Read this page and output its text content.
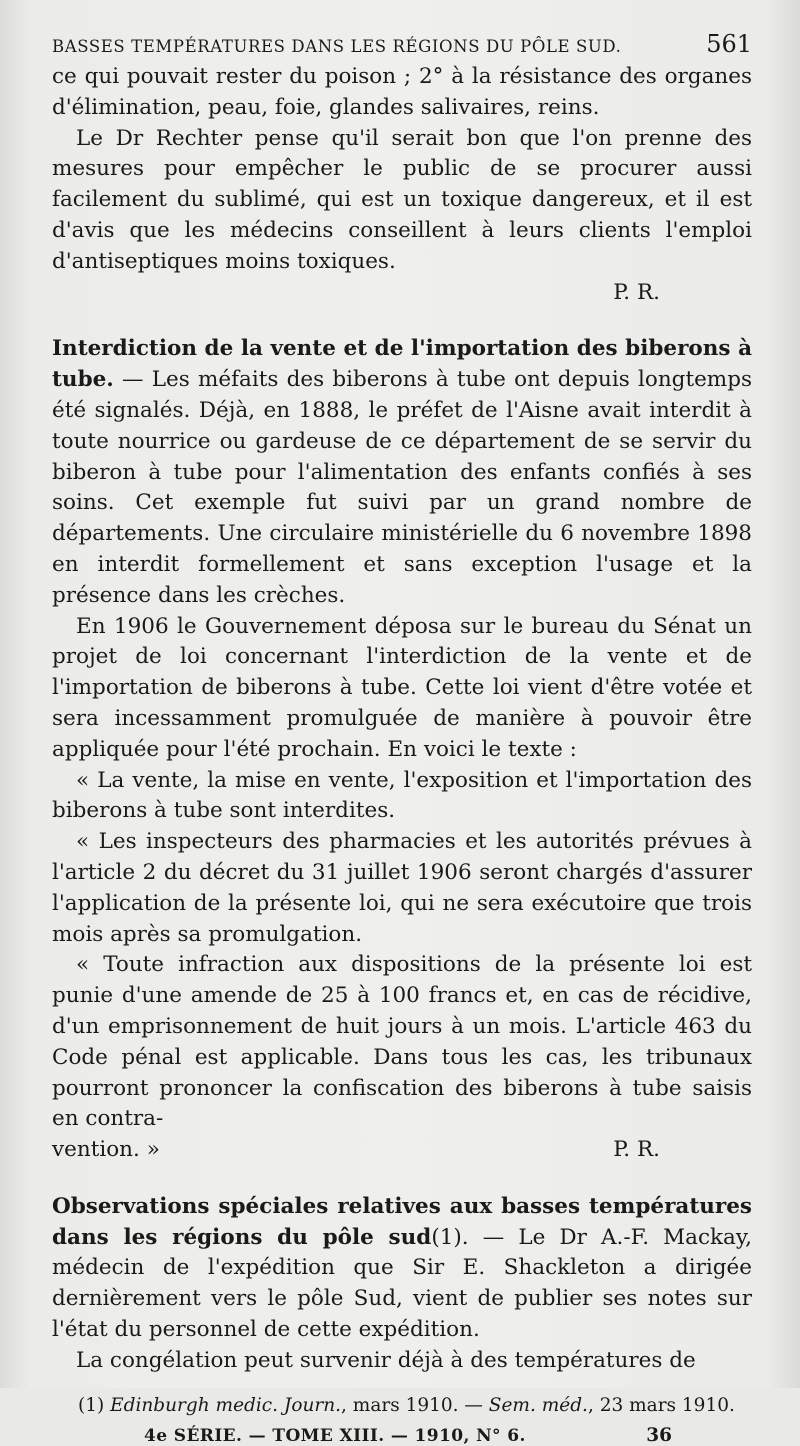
BASSES TEMPÉRATURES DANS LES RÉGIONS DU PÔLE SUD.	561

ce qui pouvait rester du poison ; 2° à la résistance des organes d'élimination, peau, foie, glandes salivaires, reins.

Le Dr Rechter pense qu'il serait bon que l'on prenne des mesures pour empêcher le public de se procurer aussi facilement du sublimé, qui est un toxique dangereux, et il est d'avis que les médecins conseillent à leurs clients l'emploi d'antiseptiques moins toxiques.

P. R.

Interdiction de la vente et de l'importation des biberons à tube. — Les méfaits des biberons à tube ont depuis longtemps été signalés. Déjà, en 1888, le préfet de l'Aisne avait interdit à toute nourrice ou gardeuse de ce département de se servir du biberon à tube pour l'alimentation des enfants confiés à ses soins. Cet exemple fut suivi par un grand nombre de départements. Une circulaire ministérielle du 6 novembre 1898 en interdit formellement et sans exception l'usage et la présence dans les crèches.

En 1906 le Gouvernement déposa sur le bureau du Sénat un projet de loi concernant l'interdiction de la vente et de l'importation de biberons à tube. Cette loi vient d'être votée et sera incessamment promulguée de manière à pouvoir être appliquée pour l'été prochain. En voici le texte :

« La vente, la mise en vente, l'exposition et l'importation des biberons à tube sont interdites.

« Les inspecteurs des pharmacies et les autorités prévues à l'article 2 du décret du 31 juillet 1906 seront chargés d'assurer l'application de la présente loi, qui ne sera exécutoire que trois mois après sa promulgation.

« Toute infraction aux dispositions de la présente loi est punie d'une amende de 25 à 100 francs et, en cas de récidive, d'un emprisonnement de huit jours à un mois. L'article 463 du Code pénal est applicable. Dans tous les cas, les tribunaux pourront prononcer la confiscation des biberons à tube saisis en contra-

vention. »	P. R.

Observations spéciales relatives aux basses températures dans les régions du pôle sud(1). — Le Dr A.-F. Mackay, médecin de l'expédition que Sir E. Shackleton a dirigée dernièrement vers le pôle Sud, vient de publier ses notes sur l'état du personnel de cette expédition.

La congélation peut survenir déjà à des températures de

(1) Edinburgh medic. Journ., mars 1910. — Sem. méd., 23 mars 1910.
4e SÉRIE. — TOME XIII. — 1910, N° 6.	36
